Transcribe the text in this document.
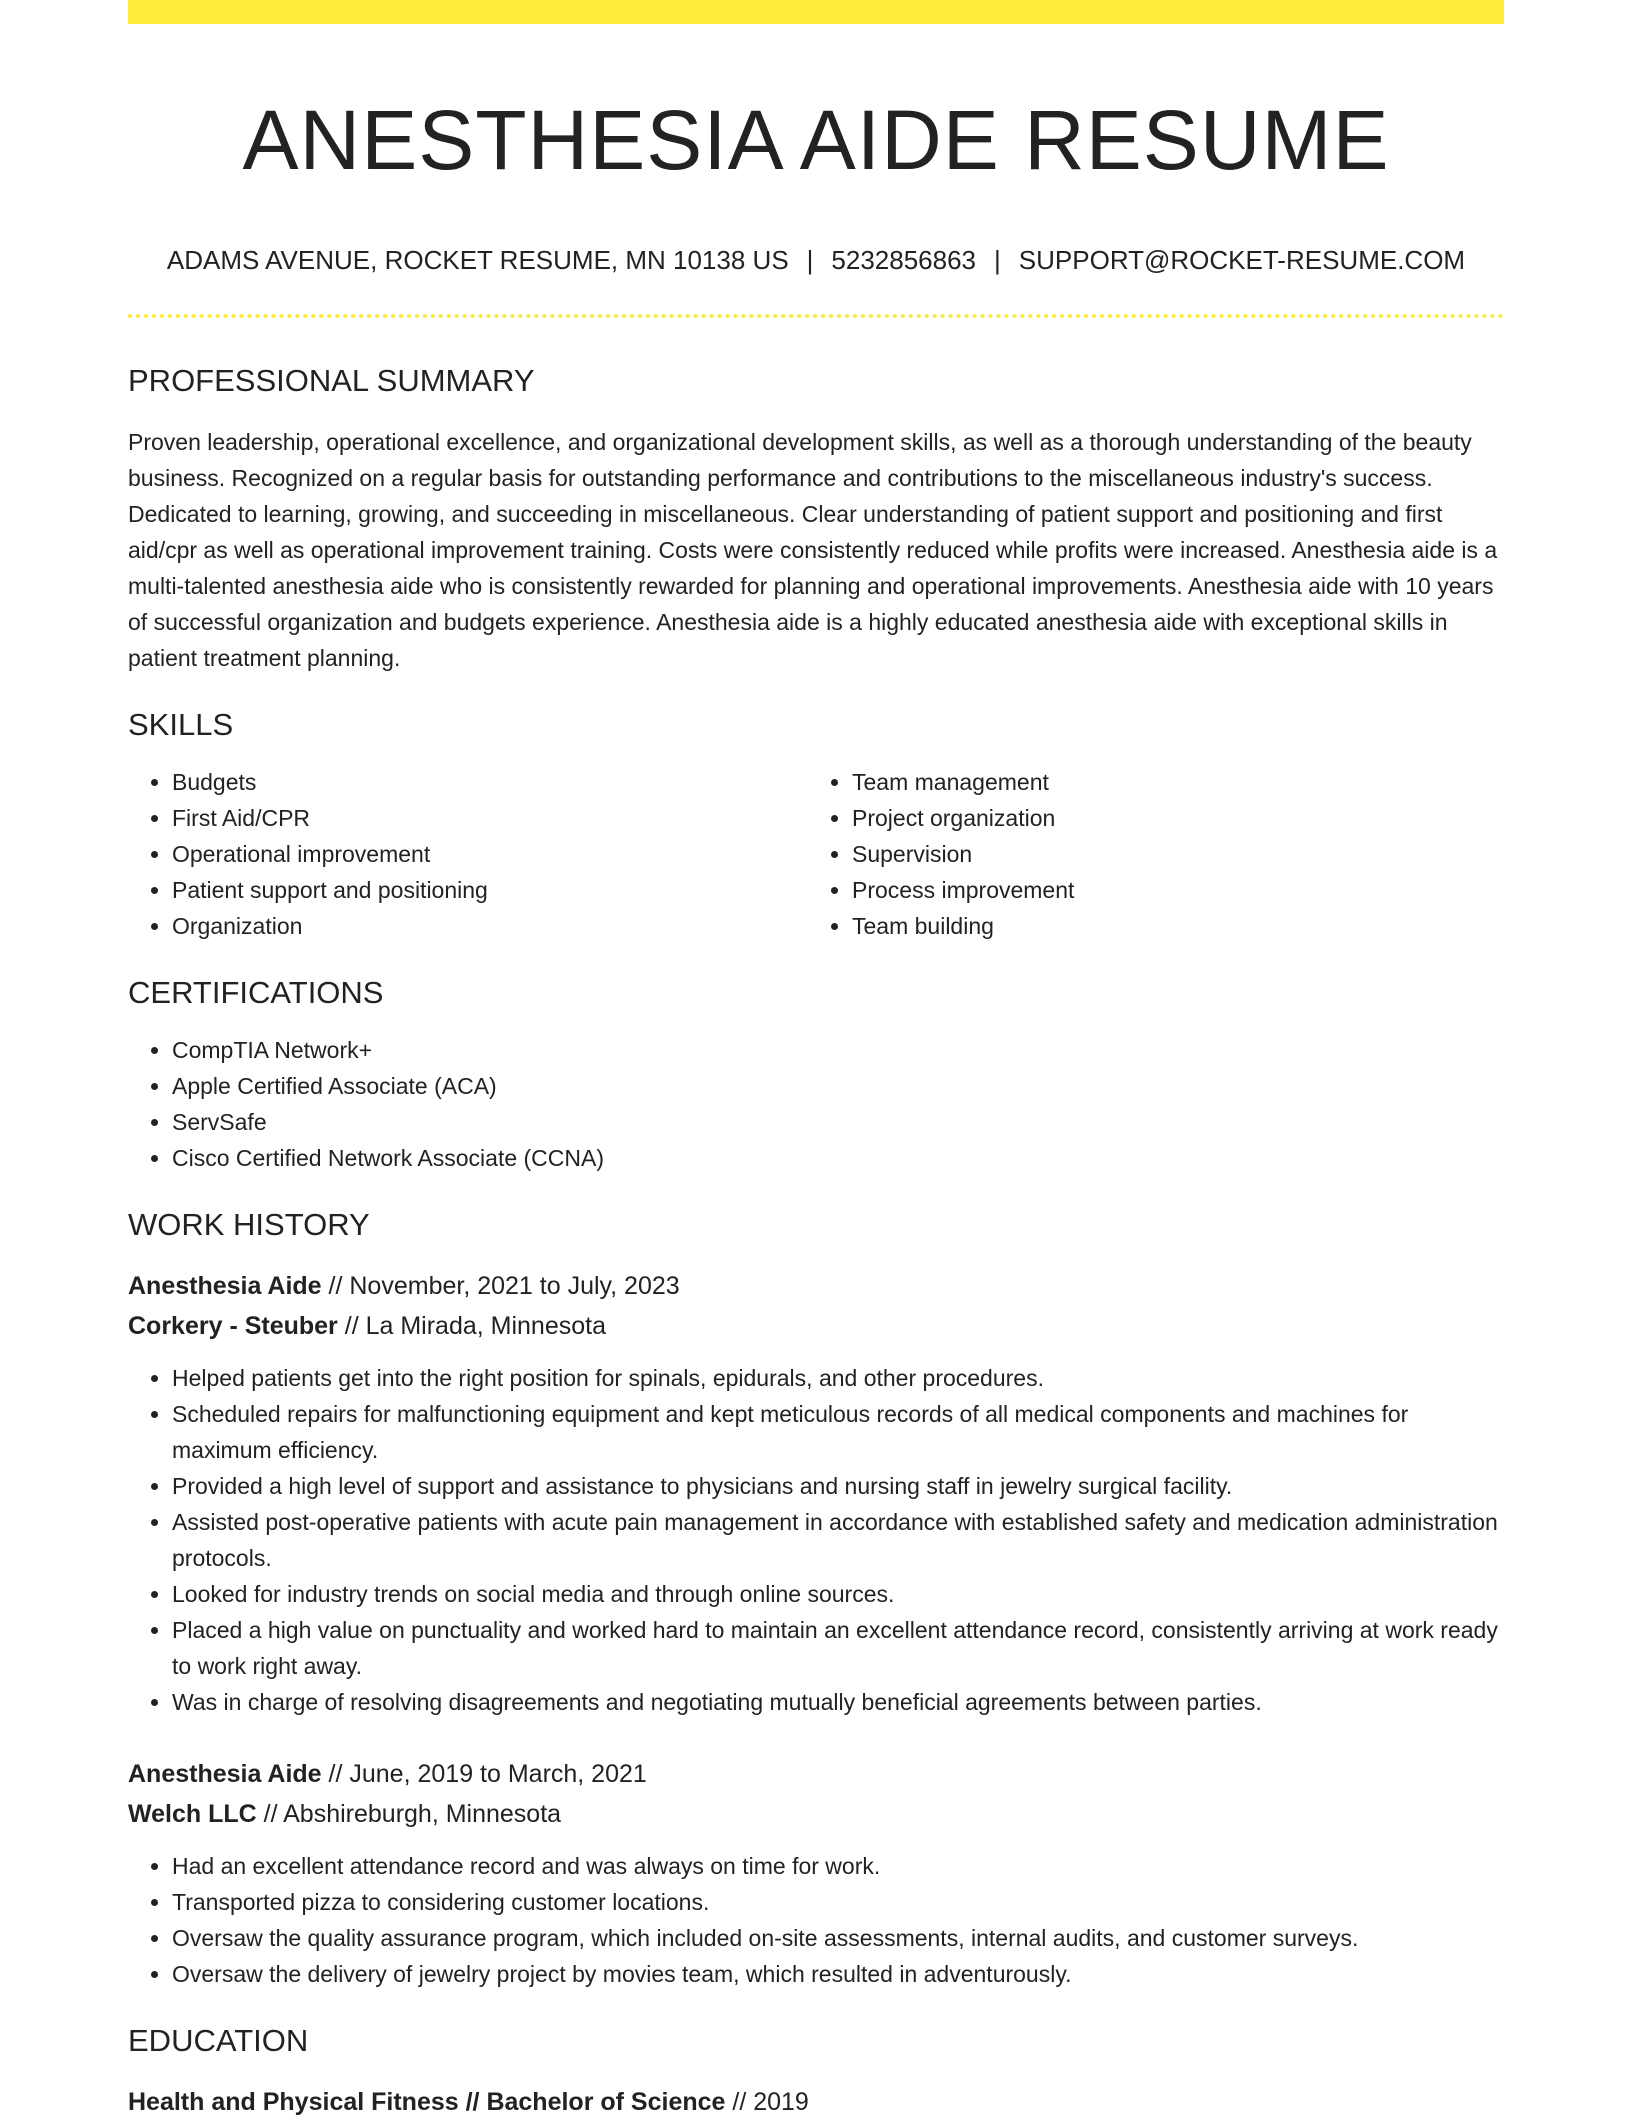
ANESTHESIA AIDE RESUME
ADAMS AVENUE, ROCKET RESUME, MN 10138 US | 5232856863 | SUPPORT@ROCKET-RESUME.COM
PROFESSIONAL SUMMARY

Proven leadership, operational excellence, and organizational development skills, as well as a thorough understanding of the beauty business. Recognized on a regular basis for outstanding performance and contributions to the miscellaneous industry's success. Dedicated to learning, growing, and succeeding in miscellaneous. Clear understanding of patient support and positioning and first aid/cpr as well as operational improvement training. Costs were consistently reduced while profits were increased. Anesthesia aide is a multi-talented anesthesia aide who is consistently rewarded for planning and operational improvements. Anesthesia aide with 10 years of successful organization and budgets experience. Anesthesia aide is a highly educated anesthesia aide with exceptional skills in patient treatment planning.

SKILLS
• Budgets
• First Aid/CPR
• Operational improvement
• Patient support and positioning
• Organization
• Team management
• Project organization
• Supervision
• Process improvement
• Team building
CERTIFICATIONS
• CompTIA Network+
• Apple Certified Associate (ACA)
• ServSafe
• Cisco Certified Network Associate (CCNA)
WORK HISTORY
Anesthesia Aide // November, 2021 to July, 2023
Corkery - Steuber // La Mirada, Minnesota
• Helped patients get into the right position for spinals, epidurals, and other procedures.
• Scheduled repairs for malfunctioning equipment and kept meticulous records of all medical components and machines for maximum efficiency.
• Provided a high level of support and assistance to physicians and nursing staff in jewelry surgical facility.
• Assisted post-operative patients with acute pain management in accordance with established safety and medication administration protocols.
• Looked for industry trends on social media and through online sources.
• Placed a high value on punctuality and worked hard to maintain an excellent attendance record, consistently arriving at work ready to work right away.
• Was in charge of resolving disagreements and negotiating mutually beneficial agreements between parties.
Anesthesia Aide // June, 2019 to March, 2021
Welch LLC // Abshireburgh, Minnesota
• Had an excellent attendance record and was always on time for work.
• Transported pizza to considering customer locations.
• Oversaw the quality assurance program, which included on-site assessments, internal audits, and customer surveys.
• Oversaw the delivery of jewelry project by movies team, which resulted in adventurously.
EDUCATION
Health and Physical Fitness // Bachelor of Science // 2019
